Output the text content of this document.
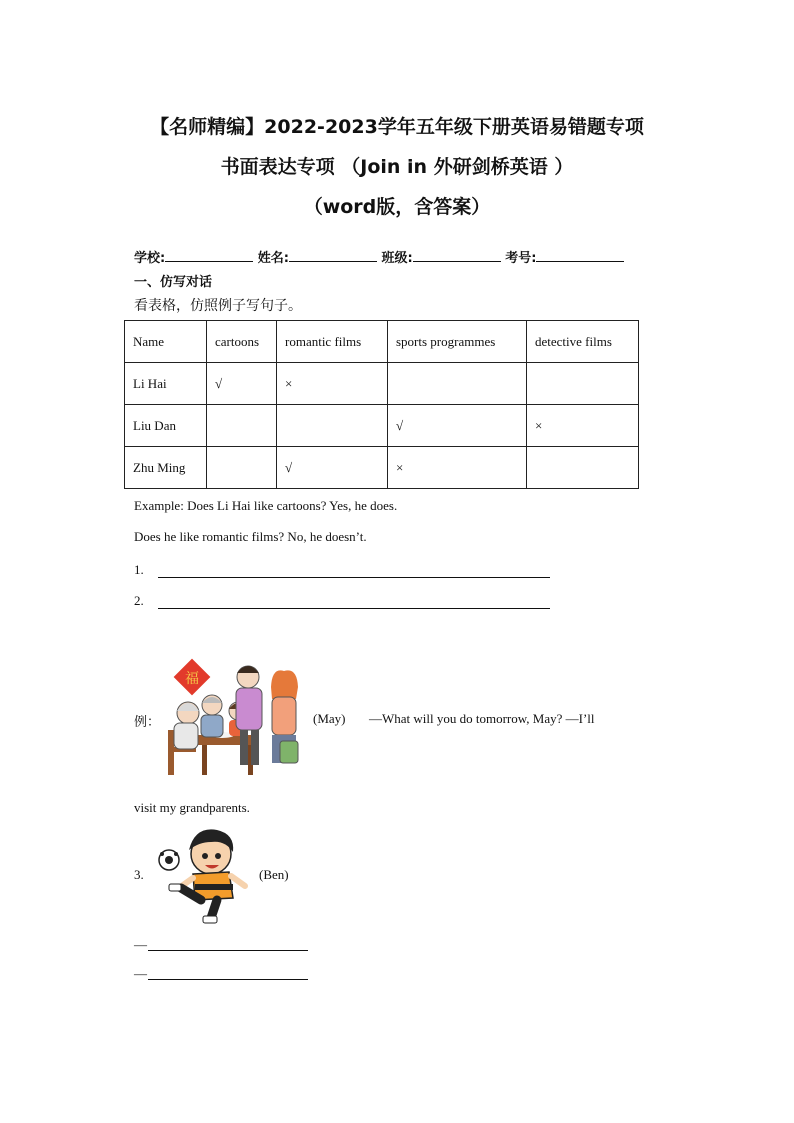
【名师精编】2022-2023学年五年级下册英语易错题专项
书面表达专项 （Join in 外研剑桥英语 ）
（word版，含答案）
学校:	姓名:	班级:	考号:
一、仿写对话
看表格，仿照例子写句子。
Name	cartoons	romantic films	sports programmes	detective films
Li Hai	√	×		
Liu Dan			√	×
Zhu Ming		√	×	
Example: Does Li Hai like cartoons? Yes, he does.
Does he like romantic films? No, he doesn’t.
1.
2.
例：
福
(May) —What will you do tomorrow, May? —I’ll
visit my grandparents.
3.	(Ben)
—
—
